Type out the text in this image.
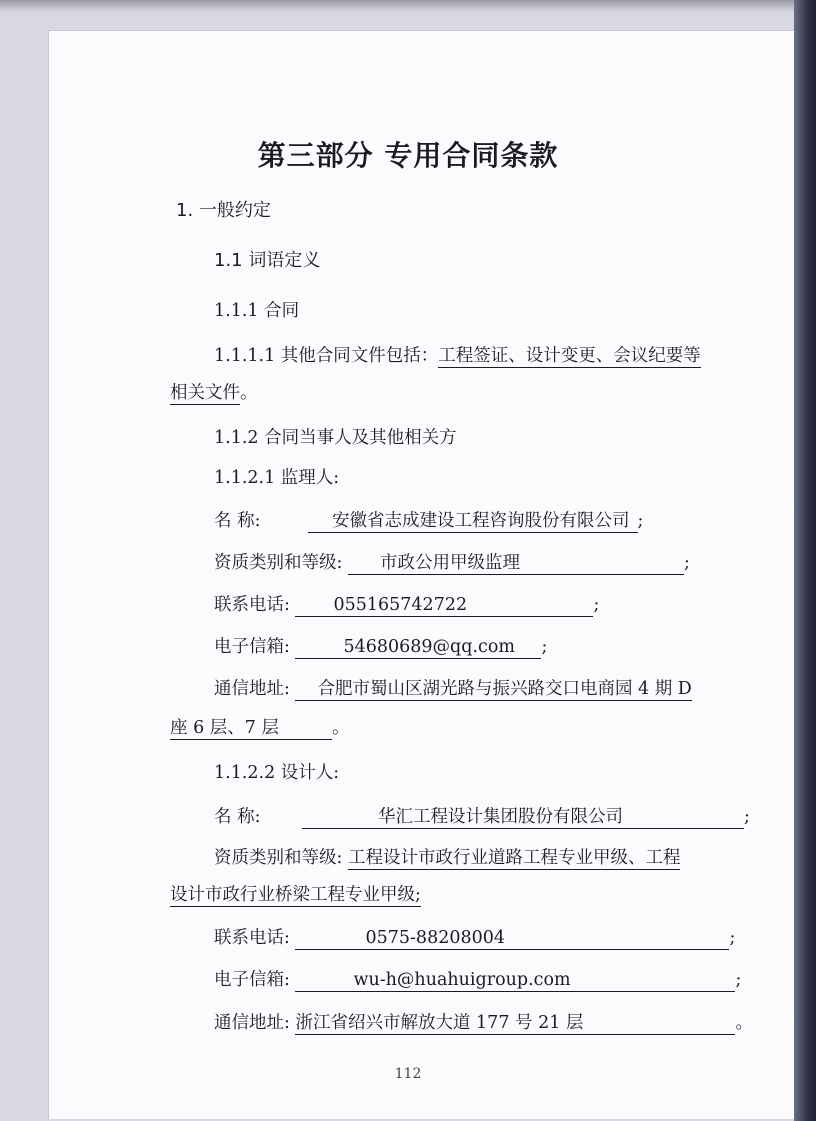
第三部分 专用合同条款
1. 一般约定
1.1 词语定义
1.1.1 合同
1.1.1.1 其他合同文件包括：工程签证、设计变更、会议纪要等
相关文件。
1.1.2 合同当事人及其他相关方
1.1.2.1 监理人:
名 称:	安徽省志成建设工程咨询股份有限公司 ;
资质类别和等级: 市政公用甲级监理	;
联系电话: 055165742722	;
电子信箱:	54680689@qq.com ;
通信地址: 合肥市蜀山区湖光路与振兴路交口电商园 4 期 D
座 6 层、7 层	。
1.1.2.2 设计人:
名 称:	华汇工程设计集团股份有限公司	;
资质类别和等级: 工程设计市政行业道路工程专业甲级、工程
设计市政行业桥梁工程专业甲级;
联系电话:	0575-88208004	;
电子信箱:	wu-h@huahuigroup.com	;
通信地址: 浙江省绍兴市解放大道 177 号 21 层	。
112
